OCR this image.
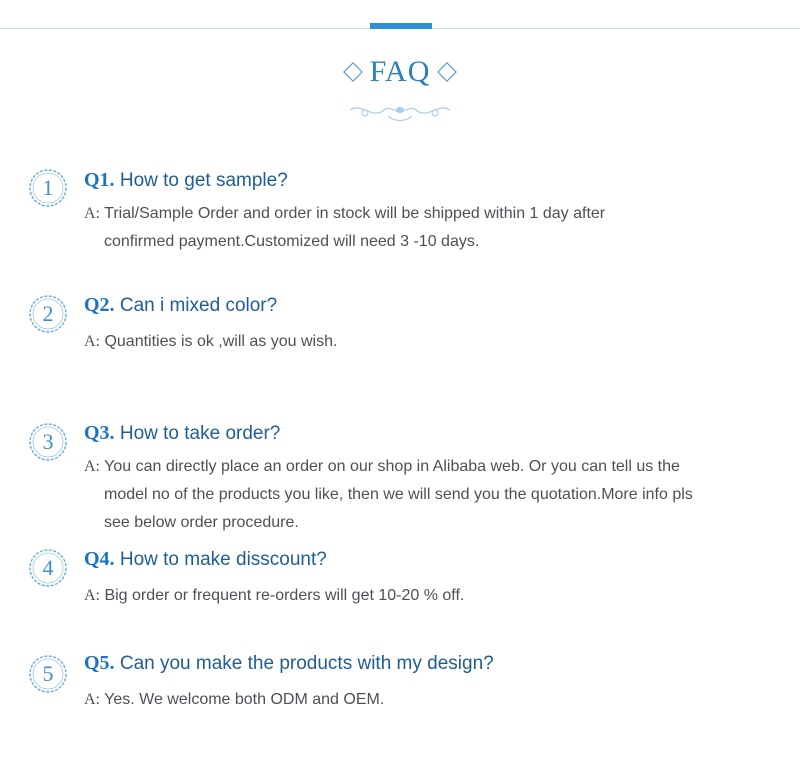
FAQ
1	Q1. How to get sample?
A: Trial/Sample Order and order in stock will be shipped within 1 day after
confirmed payment.Customized will need 3 -10 days.
2	Q2. Can i mixed color?
A: Quantities is ok ,will as you wish.
3	Q3. How to take order?
A: You can directly place an order on our shop in Alibaba web. Or you can tell us the
model no of the products you like, then we will send you the quotation.More info pls
see below order procedure.
4	Q4. How to make disscount?
A: Big order or frequent re-orders will get 10-20 % off.
5	Q5. Can you make the products with my design?
A: Yes. We welcome both ODM and OEM.
